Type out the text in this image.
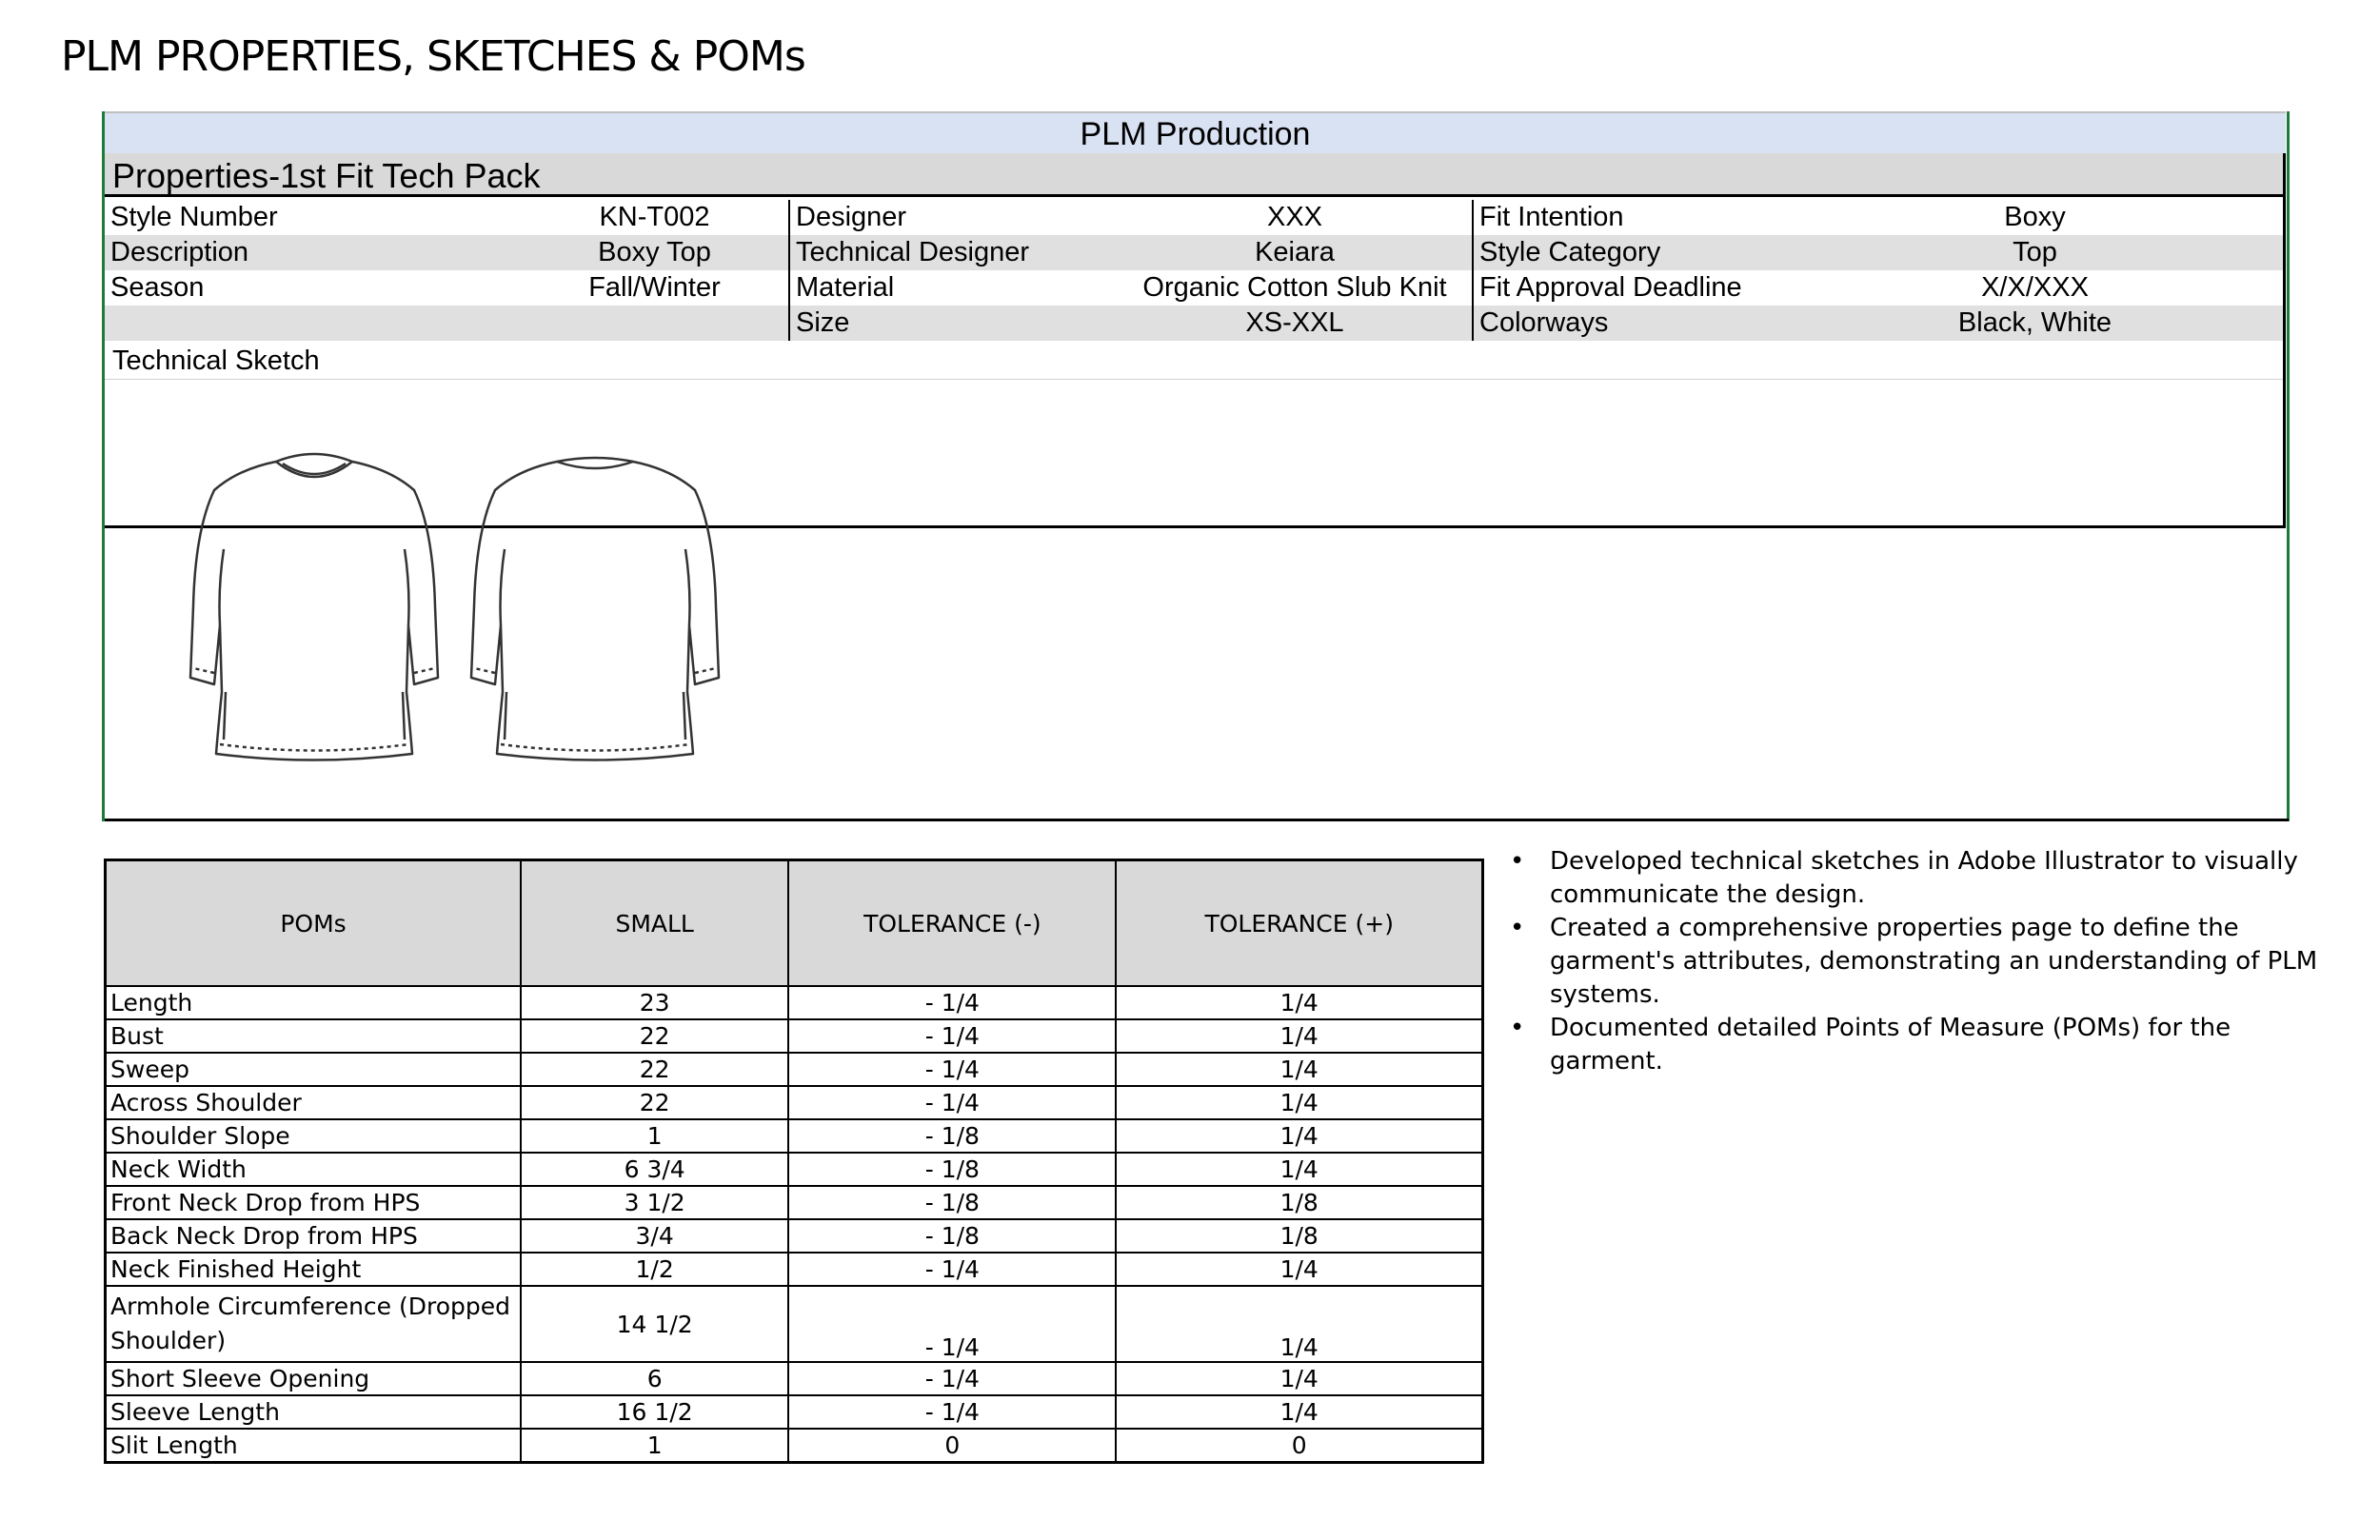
PLM PROPERTIES, SKETCHES & POMs
PLM Production
Properties-1st Fit Tech Pack
Style Number	KN-T002	Designer	XXX	Fit Intention	Boxy
Description	Boxy Top	Technical Designer	Keiara	Style Category	Top
Season	Fall/Winter	Material	Organic Cotton Slub Knit	Fit Approval Deadline	X/X/XXX
		Size	XS-XXL	Colorways	Black, White
Technical Sketch
POMs	SMALL	TOLERANCE (-)	TOLERANCE (+)
Length	23	- 1/4	1/4
Bust	22	- 1/4	1/4
Sweep	22	- 1/4	1/4
Across Shoulder	22	- 1/4	1/4
Shoulder Slope	1	- 1/8	1/4
Neck Width	6 3/4	- 1/8	1/4
Front Neck Drop from HPS	3 1/2	- 1/8	1/8
Back Neck Drop from HPS	3/4	- 1/8	1/8
Neck Finished Height	1/2	- 1/4	1/4
Armhole Circumference (Dropped Shoulder)	14 1/2	- 1/4	1/4
Short Sleeve Opening	6	- 1/4	1/4
Sleeve Length	16 1/2	- 1/4	1/4
Slit Length	1	0	0
• Developed technical sketches in Adobe Illustrator to visually communicate the design.
• Created a comprehensive properties page to define the garment's attributes, demonstrating an understanding of PLM systems.
• Documented detailed Points of Measure (POMs) for the garment.
